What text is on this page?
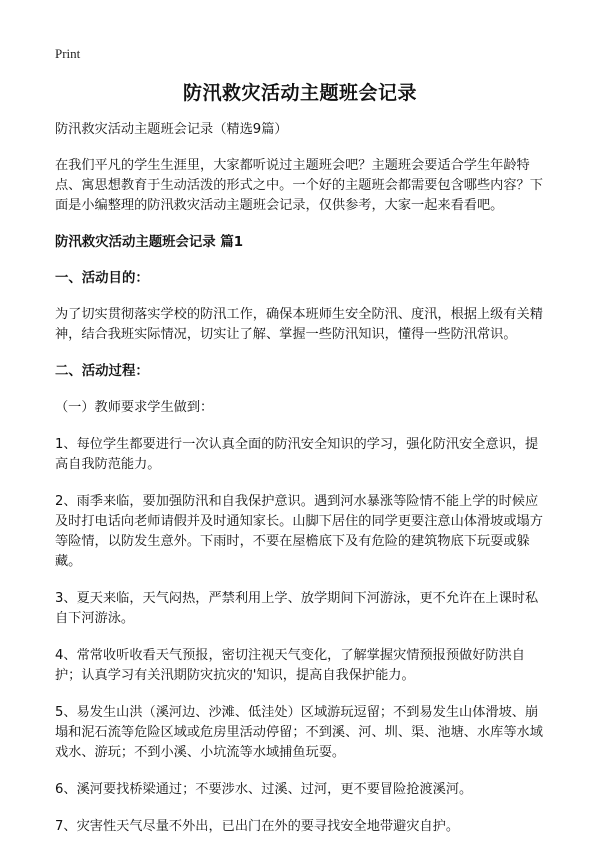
Print
防汛救灾活动主题班会记录

防汛救灾活动主题班会记录（精选9篇）

在我们平凡的学生生涯里，大家都听说过主题班会吧？主题班会要适合学生年龄特点、寓思想教育于生动活泼的形式之中。一个好的主题班会都需要包含哪些内容？下面是小编整理的防汛救灾活动主题班会记录，仅供参考，大家一起来看看吧。

防汛救灾活动主题班会记录 篇1
一、活动目的：

为了切实贯彻落实学校的防汛工作，确保本班师生安全防汛、度汛，根据上级有关精神，结合我班实际情况，切实让了解、掌握一些防汛知识，懂得一些防汛常识。

二、活动过程：

（一）教师要求学生做到：

1、每位学生都要进行一次认真全面的防汛安全知识的学习，强化防汛安全意识，提高自我防范能力。

2、雨季来临，要加强防汛和自我保护意识。遇到河水暴涨等险情不能上学的时候应及时打电话向老师请假并及时通知家长。山脚下居住的同学更要注意山体滑坡或塌方等险情，以防发生意外。下雨时，不要在屋檐底下及有危险的建筑物底下玩耍或躲藏。

3、夏天来临，天气闷热，严禁利用上学、放学期间下河游泳，更不允许在上课时私自下河游泳。

4、常常收听收看天气预报，密切注视天气变化，了解掌握灾情预报预做好防洪自护；认真学习有关汛期防灾抗灾的'知识，提高自我保护能力。

5、易发生山洪（溪河边、沙滩、低洼处）区域游玩逗留；不到易发生山体滑坡、崩塌和泥石流等危险区域或危房里活动停留；不到溪、河、圳、渠、池塘、水库等水域戏水、游玩；不到小溪、小坑流等水域捕鱼玩耍。

6、溪河要找桥梁通过；不要涉水、过溪、过河，更不要冒险抢渡溪河。

7、灾害性天气尽量不外出，已出门在外的要寻找安全地带避灾自护。
